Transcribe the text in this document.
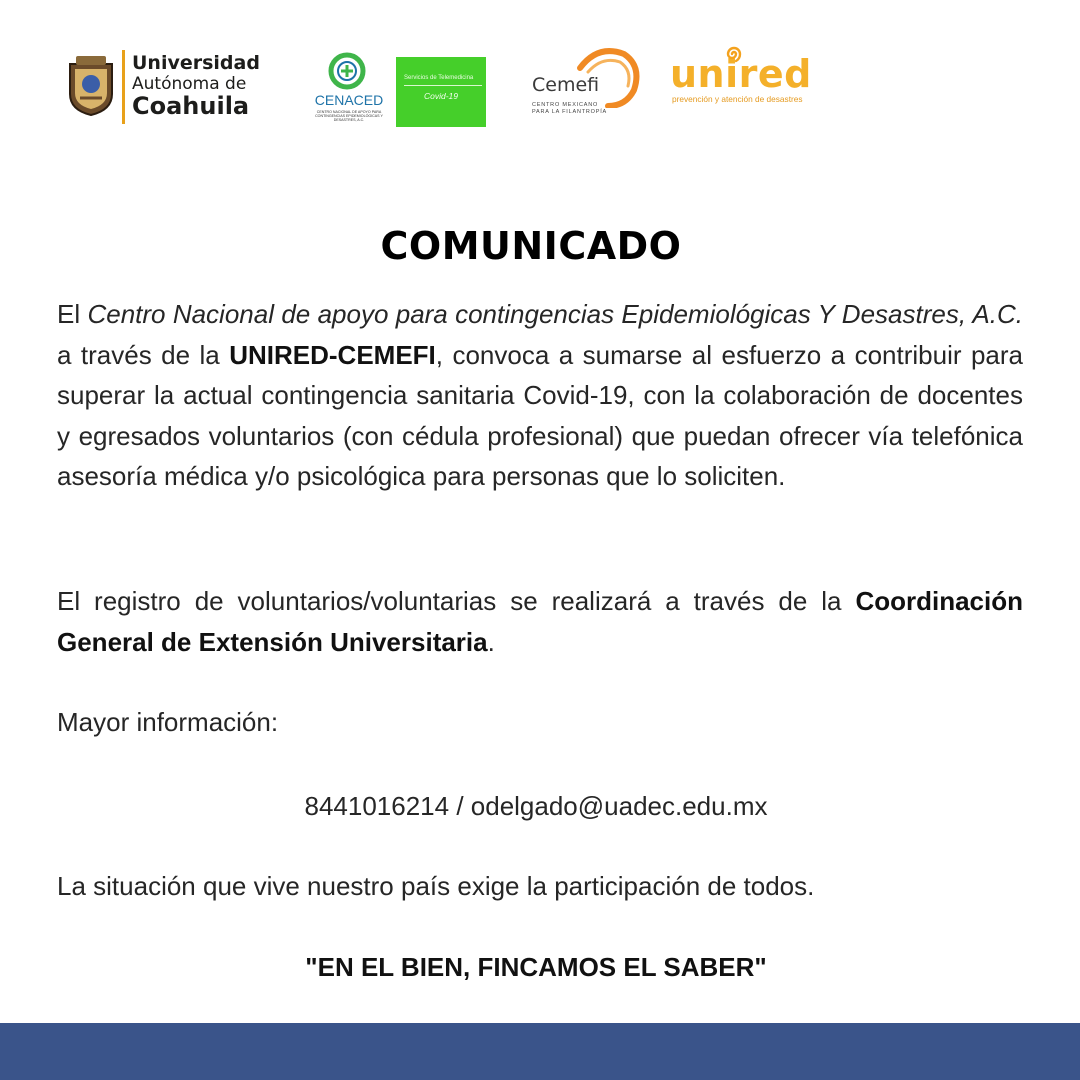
Universidad
Autónoma de
Coahuila	CENACED
CENTRO NACIONAL DE APOYO PARA CONTINGENCIAS EPIDEMIOLÓGICAS Y DESASTRES, A.C.
Servicios de Telemedicina
Covid-19	Cemefi
CENTRO MEXICANO
PARA LA FILANTROPÍA
unired
prevención y atención de desastres
COMUNICADO
El Centro Nacional de apoyo para contingencias Epidemiológicas Y Desastres, A.C. a través de la UNIRED-CEMEFI, convoca a sumarse al esfuerzo a contribuir para superar la actual contingencia sanitaria Covid-19, con la colaboración de docentes y egresados voluntarios (con cédula profesional) que puedan ofrecer vía telefónica asesoría médica y/o psicológica para personas que lo soliciten.
El registro de voluntarios/voluntarias se realizará a través de la Coordinación General de Extensión Universitaria.
Mayor información:
8441016214 / odelgado@uadec.edu.mx
La situación que vive nuestro país exige la participación de todos.
"EN EL BIEN, FINCAMOS EL SABER"
